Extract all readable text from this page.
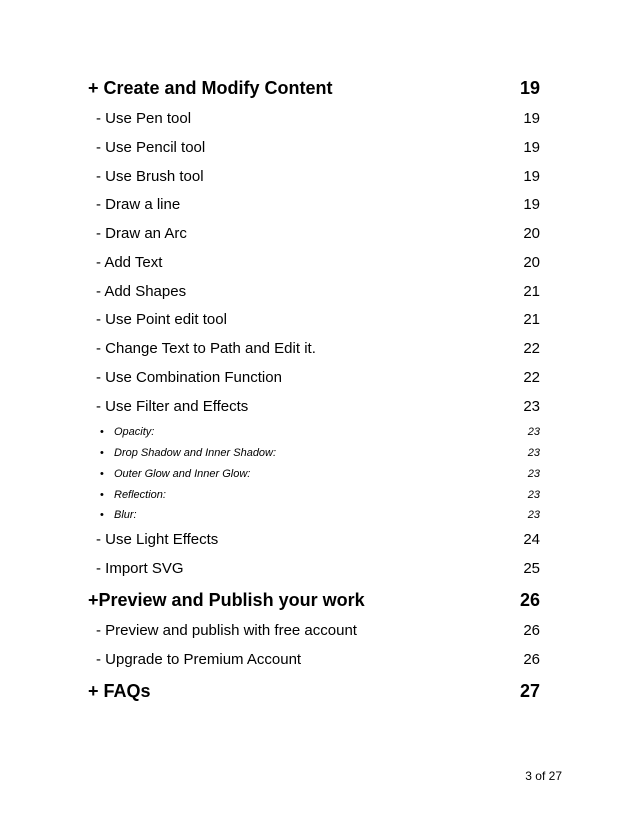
+ Create and Modify Content	19
- Use Pen tool	19
- Use Pencil tool	19
- Use Brush tool	19
- Draw a line	19
- Draw an Arc	20
- Add Text	20
- Add Shapes	21
- Use Point edit tool	21
- Change Text to Path and Edit it.	22
- Use Combination Function	22
- Use Filter and Effects	23
• Opacity:	23
• Drop Shadow and Inner Shadow:	23
• Outer Glow and Inner Glow:	23
• Reflection:	23
• Blur:	23
- Use Light Effects	24
- Import SVG	25
+Preview and Publish your work	26
- Preview and publish with free account	26
- Upgrade to Premium Account	26
+ FAQs	27
3 of 27
